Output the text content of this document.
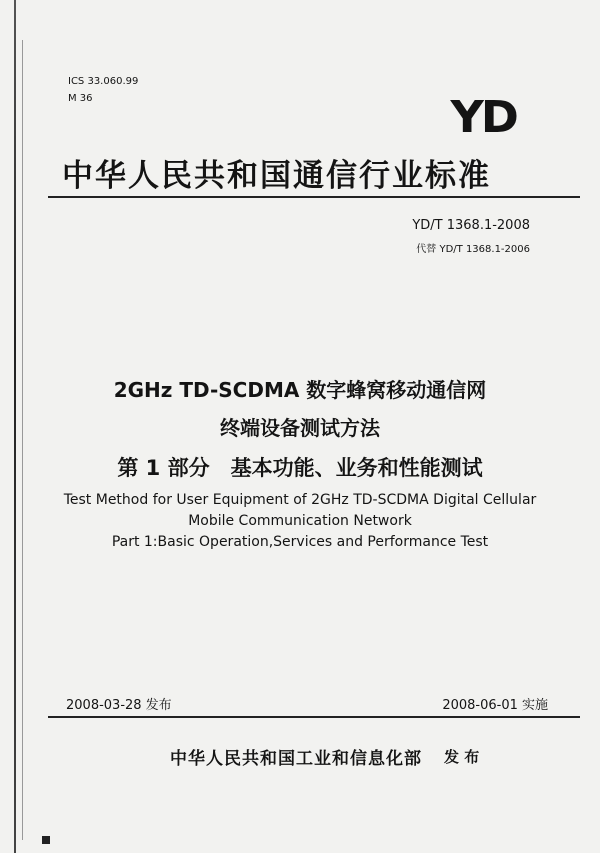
ICS 33.060.99
M 36	YD
中华人民共和国通信行业标准
YD/T 1368.1-2008
代替 YD/T 1368.1-2006
2GHz TD-SCDMA 数字蜂窝移动通信网
终端设备测试方法
第 1 部分　基本功能、业务和性能测试
Test Method for User Equipment of 2GHz TD-SCDMA Digital Cellular
Mobile Communication Network
Part 1:Basic Operation,Services and Performance Test
2008-03-28 发布	2008-06-01 实施
中华人民共和国工业和信息化部 发 布
